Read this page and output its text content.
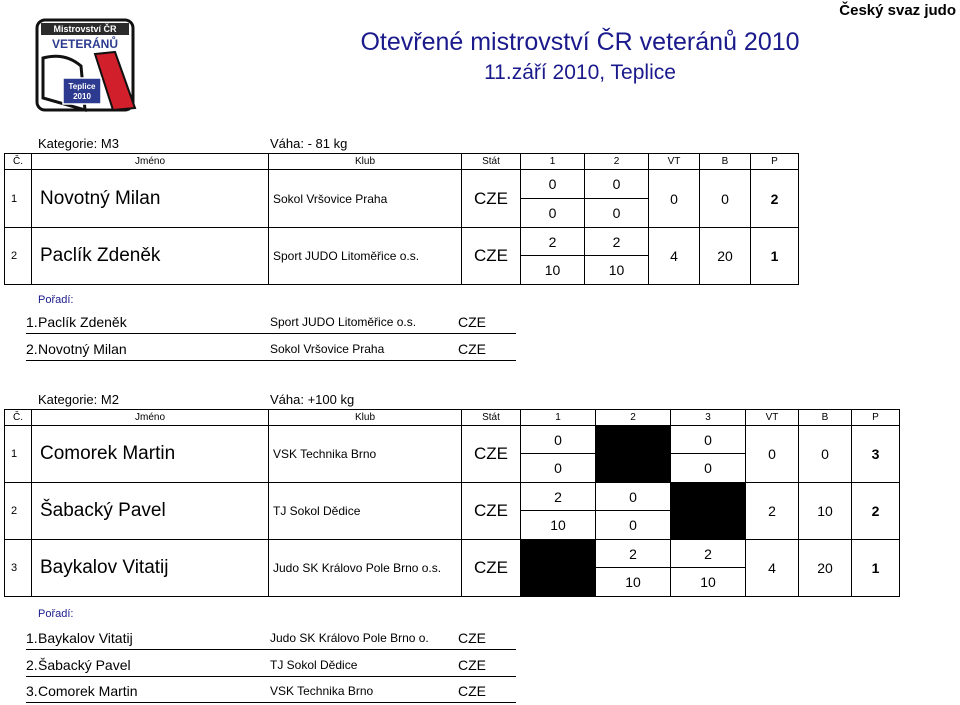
Český svaz judo
Otevřené mistrovství ČR veteránů 2010
11.září 2010, Teplice
Mistrovství ČR
VETERÁNŮ
Teplice
2010
Kategorie: M3	Váha: - 81 kg
Č.	Jméno	Klub	Stát	1	2	VT	B	P
1	Novotný Milan	Sokol Vršovice Praha	CZE	0	0	0	0	2
				0	0			
2	Paclík Zdeněk	Sport JUDO Litoměřice o.s.	CZE	2	2	4	20	1
				10	10			
Pořadí:
1. Paclík Zdeněk	Sport JUDO Litoměřice o.s.	CZE
2. Novotný Milan	Sokol Vršovice Praha	CZE
Kategorie: M2	Váha: +100 kg
Č.	Jméno	Klub	Stát	1	2	3	VT	B	P
1	Comorek Martin	VSK Technika Brno	CZE	0		0	0	0	3
				0		0			
2	Šabacký Pavel	TJ Sokol Dědice	CZE	2	0		2	10	2
				10	0				
3	Baykalov Vitatij	Judo SK Královo Pole Brno o.s.	CZE		2	2	4	20	1
					10	10			
Pořadí:
1. Baykalov Vitatij	Judo SK Královo Pole Brno o. CZE
2. Šabacký Pavel	TJ Sokol Dědice	CZE
3. Comorek Martin	VSK Technika Brno	CZE
